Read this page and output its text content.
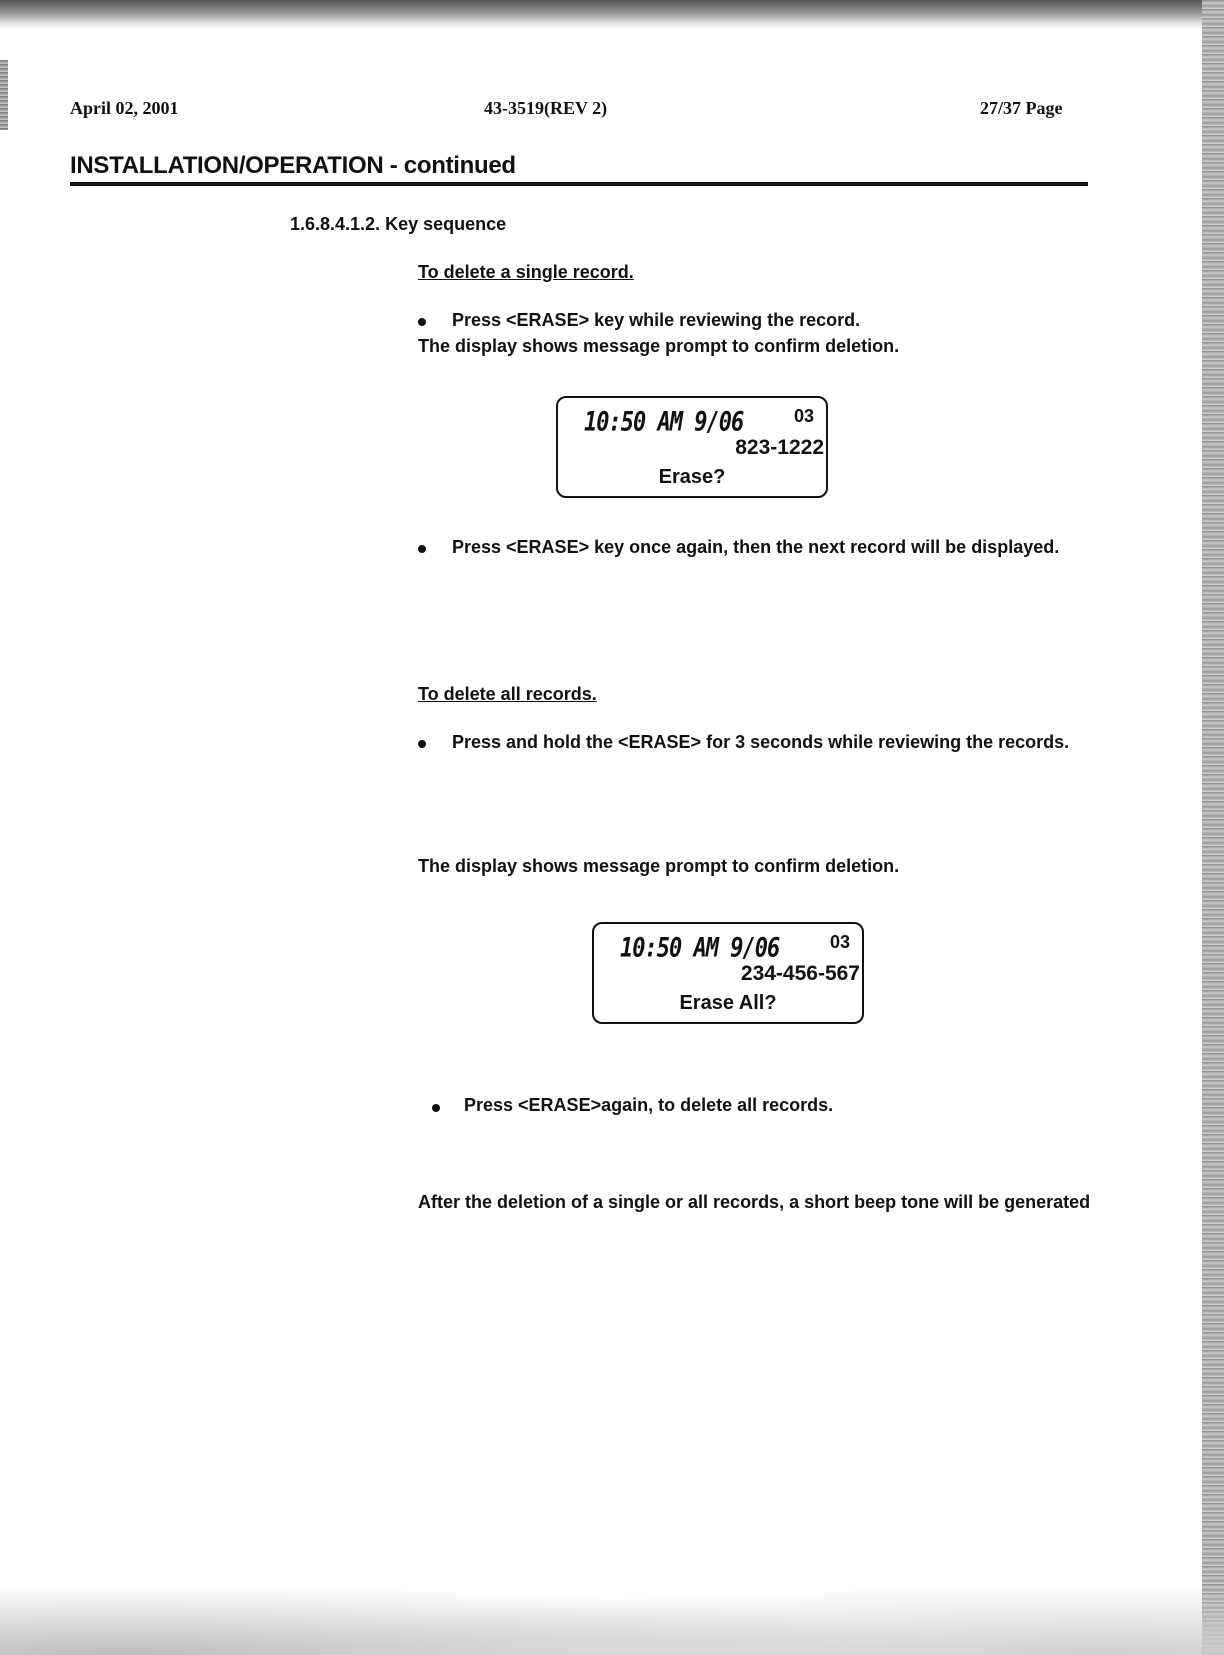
April 02, 2001	43-3519(REV 2)	27/37 Page
INSTALLATION/OPERATION - continued
1.6.8.4.1.2. Key sequence
To delete a single record.
Press <ERASE> key while reviewing the record.
The display shows message prompt to confirm deletion.
10:50 AM 9/06	03
823-1222
Erase?
Press <ERASE> key once again, then the next record will be displayed.
To delete all records.
Press and hold the <ERASE> for 3 seconds while reviewing the records.
The display shows message prompt to confirm deletion.
10:50 AM 9/06	03
234-456-567
Erase All?
Press <ERASE>again, to delete all records.
After the deletion of a single or all records, a short beep tone will be generated
